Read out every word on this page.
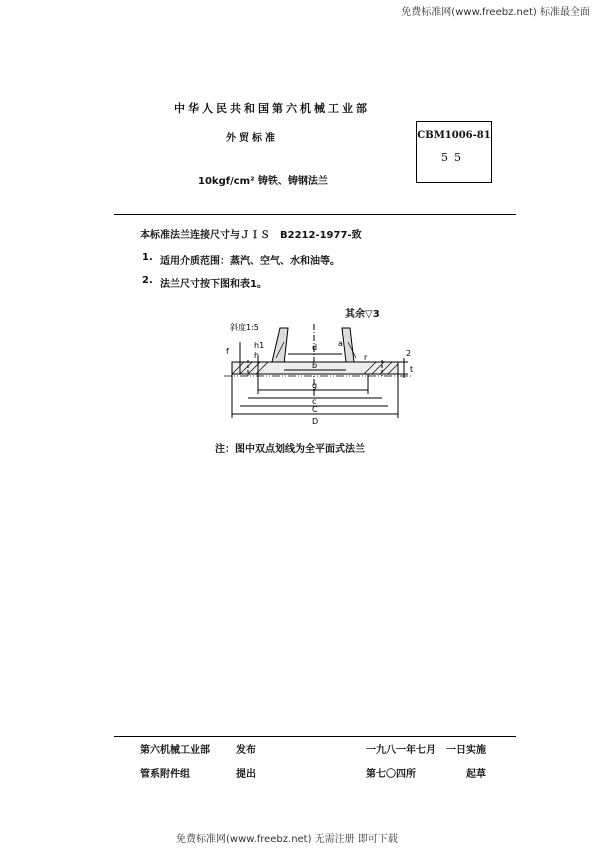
免费标准网(www.freebz.net) 标准最全面
中华人民共和国第六机械工业部
外贸标准
10kgf/cm² 铸铁、铸钢法兰
CBM1006-81
55
本标准法兰连接尺寸与ＪＩＳ　B2212-1977-致
1. 适用介质范围：蒸汽、空气、水和油等。
2. 法兰尺寸按下图和表1。
其余▽3
斜度1:5
h1
h
d	a
b
r
g
c
C
D
t
f	2
注：图中双点划线为全平面式法兰
第六机械工业部	发布	一九八一年七月　一日实施
管系附件组	提出	第七〇四所	起草
免费标准网(www.freebz.net) 无需注册 即可下载
